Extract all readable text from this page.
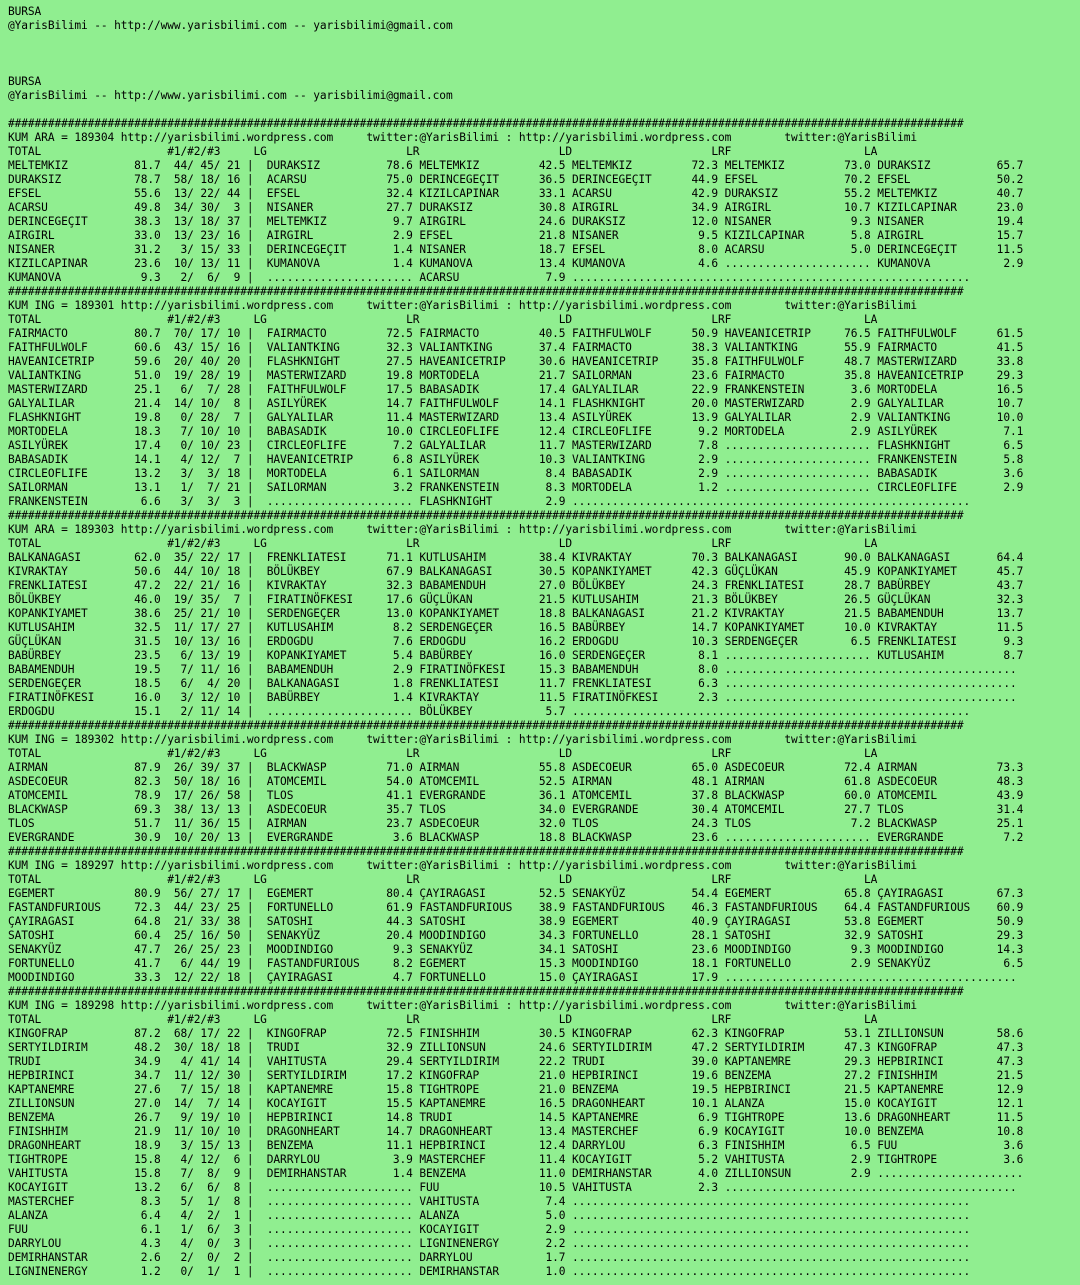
BURSA
@YarisBilimi -- http://www.yarisbilimi.com -- yarisbilimi@gmail.com
BURSA
@YarisBilimi -- http://www.yarisbilimi.com -- yarisbilimi@gmail.com
################################################################################################################################################
KUM ARA = 189304 http://yarisbilimi.wordpress.com     twitter:@YarisBilimi : http://yarisbilimi.wordpress.com        twitter:@YarisBilimi
TOTAL                   #1/#2/#3     LG                     LR                     LD                     LRF                    LA
MELTEMKIZ          81.7  44/ 45/ 21 |  DURAKSIZ          78.6 MELTEMKIZ         42.5 MELTEMKIZ         72.3 MELTEMKIZ         73.0 DURAKSIZ          65.7
DURAKSIZ           78.7  58/ 18/ 16 |  ACARSU            75.0 DERINCEGEÇIT      36.5 DERINCEGEÇIT      44.9 EFSEL             70.2 EFSEL             50.2
EFSEL              55.6  13/ 22/ 44 |  EFSEL             32.4 KIZILCAPINAR      33.1 ACARSU            42.9 DURAKSIZ          55.2 MELTEMKIZ         40.7
ACARSU             49.8  34/ 30/  3 |  NISANER           27.7 DURAKSIZ          30.8 AIRGIRL           34.9 AIRGIRL           10.7 KIZILCAPINAR      23.0
DERINCEGEÇIT       38.3  13/ 18/ 37 |  MELTEMKIZ          9.7 AIRGIRL           24.6 DURAKSIZ          12.0 NISANER            9.3 NISANER           19.4
AIRGIRL            33.0  13/ 23/ 16 |  AIRGIRL            2.9 EFSEL             21.8 NISANER            9.5 KIZILCAPINAR       5.8 AIRGIRL           15.7
NISANER            31.2   3/ 15/ 33 |  DERINCEGEÇIT       1.4 NISANER           18.7 EFSEL              8.0 ACARSU             5.0 DERINCEGEÇIT      11.5
KIZILCAPINAR       23.6  10/ 13/ 11 |  KUMANOVA           1.4 KUMANOVA          13.4 KUMANOVA           4.6 ...................... KUMANOVA           2.9
KUMANOVA            9.3   2/  6/  9 |  ...................... ACARSU             7.9 ............................................................
################################################################################################################################################
KUM ING = 189301 http://yarisbilimi.wordpress.com     twitter:@YarisBilimi : http://yarisbilimi.wordpress.com        twitter:@YarisBilimi
TOTAL                   #1/#2/#3     LG                     LR                     LD                     LRF                    LA
FAIRMACTO          80.7  70/ 17/ 10 |  FAIRMACTO         72.5 FAIRMACTO         40.5 FAITHFULWOLF      50.9 HAVEANICETRIP     76.5 FAITHFULWOLF      61.5
FAITHFULWOLF       60.6  43/ 15/ 16 |  VALIANTKING       32.3 VALIANTKING       37.4 FAIRMACTO         38.3 VALIANTKING       55.9 FAIRMACTO         41.5
HAVEANICETRIP      59.6  20/ 40/ 20 |  FLASHKNIGHT       27.5 HAVEANICETRIP     30.6 HAVEANICETRIP     35.8 FAITHFULWOLF      48.7 MASTERWIZARD      33.8
VALIANTKING        51.0  19/ 28/ 19 |  MASTERWIZARD      19.8 MORTODELA         21.7 SAILORMAN         23.6 FAIRMACTO         35.8 HAVEANICETRIP     29.3
MASTERWIZARD       25.1   6/  7/ 28 |  FAITHFULWOLF      17.5 BABASADIK         17.4 GALYALILAR        22.9 FRANKENSTEIN       3.6 MORTODELA         16.5
GALYALILAR         21.4  14/ 10/  8 |  ASILYÜREK         14.7 FAITHFULWOLF      14.1 FLASHKNIGHT       20.0 MASTERWIZARD       2.9 GALYALILAR        10.7
FLASHKNIGHT        19.8   0/ 28/  7 |  GALYALILAR        11.4 MASTERWIZARD      13.4 ASILYÜREK         13.9 GALYALILAR         2.9 VALIANTKING       10.0
MORTODELA          18.3   7/ 10/ 10 |  BABASADIK         10.0 CIRCLEOFLIFE      12.4 CIRCLEOFLIFE       9.2 MORTODELA          2.9 ASILYÜREK          7.1
ASILYÜREK          17.4   0/ 10/ 23 |  CIRCLEOFLIFE       7.2 GALYALILAR        11.7 MASTERWIZARD       7.8 ...................... FLASHKNIGHT        6.5
BABASADIK          14.1   4/ 12/  7 |  HAVEANICETRIP      6.8 ASILYÜREK         10.3 VALIANTKING        2.9 ...................... FRANKENSTEIN       5.8
CIRCLEOFLIFE       13.2   3/  3/ 18 |  MORTODELA          6.1 SAILORMAN          8.4 BABASADIK          2.9 ...................... BABASADIK          3.6
SAILORMAN          13.1   1/  7/ 21 |  SAILORMAN          3.2 FRANKENSTEIN       8.3 MORTODELA          1.2 ...................... CIRCLEOFLIFE       2.9
FRANKENSTEIN        6.6   3/  3/  3 |  ...................... FLASHKNIGHT        2.9 ............................................................
################################################################################################################################################
KUM ARA = 189303 http://yarisbilimi.wordpress.com     twitter:@YarisBilimi : http://yarisbilimi.wordpress.com        twitter:@YarisBilimi
TOTAL                   #1/#2/#3     LG                     LR                     LD                     LRF                    LA
BALKANAGASI        62.0  35/ 22/ 17 |  FRENKLIATESI      71.1 KUTLUSAHIM        38.4 KIVRAKTAY         70.3 BALKANAGASI       90.0 BALKANAGASI       64.4
KIVRAKTAY          50.6  44/ 10/ 18 |  BÖLÜKBEY          67.9 BALKANAGASI       30.5 KOPANKIYAMET      42.3 GÜÇLÜKAN          45.9 KOPANKIYAMET      45.7
FRENKLIATESI       47.2  22/ 21/ 16 |  KIVRAKTAY         32.3 BABAMENDUH        27.0 BÖLÜKBEY          24.3 FRENKLIATESI      28.7 BABÜRBEY          43.7
BÖLÜKBEY           46.0  19/ 35/  7 |  FIRATINÖFKESI     17.6 GÜÇLÜKAN          21.5 KUTLUSAHIM        21.3 BÖLÜKBEY          26.5 GÜÇLÜKAN          32.3
KOPANKIYAMET       38.6  25/ 21/ 10 |  SERDENGEÇER       13.0 KOPANKIYAMET      18.8 BALKANAGASI       21.2 KIVRAKTAY         21.5 BABAMENDUH        13.7
KUTLUSAHIM         32.5  11/ 17/ 27 |  KUTLUSAHIM         8.2 SERDENGEÇER       16.5 BABÜRBEY          14.7 KOPANKIYAMET      10.0 KIVRAKTAY         11.5
GÜÇLÜKAN           31.5  10/ 13/ 16 |  ERDOGDU            7.6 ERDOGDU           16.2 ERDOGDU           10.3 SERDENGEÇER        6.5 FRENKLIATESI       9.3
BABÜRBEY           23.5   6/ 13/ 19 |  KOPANKIYAMET       5.4 BABÜRBEY          16.0 SERDENGEÇER        8.1 ...................... KUTLUSAHIM         8.7
BABAMENDUH         19.5   7/ 11/ 16 |  BABAMENDUH         2.9 FIRATINÖFKESI     15.3 BABAMENDUH         8.0 ............................................
SERDENGEÇER        18.5   6/  4/ 20 |  BALKANAGASI        1.8 FRENKLIATESI      11.7 FRENKLIATESI       6.3 ............................................
FIRATINÖFKESI      16.0   3/ 12/ 10 |  BABÜRBEY           1.4 KIVRAKTAY         11.5 FIRATINÖFKESI      2.3 ............................................
ERDOGDU            15.1   2/ 11/ 14 |  ...................... BÖLÜKBEY           5.7 ............................................................
################################################################################################################################################
KUM ING = 189302 http://yarisbilimi.wordpress.com     twitter:@YarisBilimi : http://yarisbilimi.wordpress.com        twitter:@YarisBilimi
TOTAL                   #1/#2/#3     LG                     LR                     LD                     LRF                    LA
AIRMAN             87.9  26/ 39/ 37 |  BLACKWASP         71.0 AIRMAN            55.8 ASDECOEUR         65.0 ASDECOEUR         72.4 AIRMAN            73.3
ASDECOEUR          82.3  50/ 18/ 16 |  ATOMCEMIL         54.0 ATOMCEMIL         52.5 AIRMAN            48.1 AIRMAN            61.8 ASDECOEUR         48.3
ATOMCEMIL          78.9  17/ 26/ 58 |  TLOS              41.1 EVERGRANDE        36.1 ATOMCEMIL         37.8 BLACKWASP         60.0 ATOMCEMIL         43.9
BLACKWASP          69.3  38/ 13/ 13 |  ASDECOEUR         35.7 TLOS              34.0 EVERGRANDE        30.4 ATOMCEMIL         27.7 TLOS              31.4
TLOS               51.7  11/ 36/ 15 |  AIRMAN            23.7 ASDECOEUR         32.0 TLOS              24.3 TLOS               7.2 BLACKWASP         25.1
EVERGRANDE         30.9  10/ 20/ 13 |  EVERGRANDE         3.6 BLACKWASP         18.8 BLACKWASP         23.6 ...................... EVERGRANDE         7.2
################################################################################################################################################
KUM ING = 189297 http://yarisbilimi.wordpress.com     twitter:@YarisBilimi : http://yarisbilimi.wordpress.com        twitter:@YarisBilimi
TOTAL                   #1/#2/#3     LG                     LR                     LD                     LRF                    LA
EGEMERT            80.9  56/ 27/ 17 |  EGEMERT           80.4 ÇAYIRAGASI        52.5 SENAKYÜZ          54.4 EGEMERT           65.8 ÇAYIRAGASI        67.3
FASTANDFURIOUS     72.3  44/ 23/ 25 |  FORTUNELLO        61.9 FASTANDFURIOUS    38.9 FASTANDFURIOUS    46.3 FASTANDFURIOUS    64.4 FASTANDFURIOUS    60.9
ÇAYIRAGASI         64.8  21/ 33/ 38 |  SATOSHI           44.3 SATOSHI           38.9 EGEMERT           40.9 ÇAYIRAGASI        53.8 EGEMERT           50.9
SATOSHI            60.4  25/ 16/ 50 |  SENAKYÜZ          20.4 MOODINDIGO        34.3 FORTUNELLO        28.1 SATOSHI           32.9 SATOSHI           29.3
SENAKYÜZ           47.7  26/ 25/ 23 |  MOODINDIGO         9.3 SENAKYÜZ          34.1 SATOSHI           23.6 MOODINDIGO         9.3 MOODINDIGO        14.3
FORTUNELLO         41.7   6/ 44/ 19 |  FASTANDFURIOUS     8.2 EGEMERT           15.3 MOODINDIGO        18.1 FORTUNELLO         2.9 SENAKYÜZ           6.5
MOODINDIGO         33.3  12/ 22/ 18 |  ÇAYIRAGASI         4.7 FORTUNELLO        15.0 ÇAYIRAGASI        17.9 ............................................
################################################################################################################################################
KUM ING = 189298 http://yarisbilimi.wordpress.com     twitter:@YarisBilimi : http://yarisbilimi.wordpress.com        twitter:@YarisBilimi
TOTAL                   #1/#2/#3     LG                     LR                     LD                     LRF                    LA
KINGOFRAP          87.2  68/ 17/ 22 |  KINGOFRAP         72.5 FINISHHIM         30.5 KINGOFRAP         62.3 KINGOFRAP         53.1 ZILLIONSUN        58.6
SERTYILDIRIM       48.2  30/ 18/ 18 |  TRUDI             32.9 ZILLIONSUN        24.6 SERTYILDIRIM      47.2 SERTYILDIRIM      47.3 KINGOFRAP         47.3
TRUDI              34.9   4/ 41/ 14 |  VAHITUSTA         29.4 SERTYILDIRIM      22.2 TRUDI             39.0 KAPTANEMRE        29.3 HEPBIRINCI        47.3
HEPBIRINCI         34.7  11/ 12/ 30 |  SERTYILDIRIM      17.2 KINGOFRAP         21.0 HEPBIRINCI        19.6 BENZEMA           27.2 FINISHHIM         21.5
KAPTANEMRE         27.6   7/ 15/ 18 |  KAPTANEMRE        15.8 TIGHTROPE         21.0 BENZEMA           19.5 HEPBIRINCI        21.5 KAPTANEMRE        12.9
ZILLIONSUN         27.0  14/  7/ 14 |  KOCAYIGIT         15.5 KAPTANEMRE        16.5 DRAGONHEART       10.1 ALANZA            15.0 KOCAYIGIT         12.1
BENZEMA            26.7   9/ 19/ 10 |  HEPBIRINCI        14.8 TRUDI             14.5 KAPTANEMRE         6.9 TIGHTROPE         13.6 DRAGONHEART       11.5
FINISHHIM          21.9  11/ 10/ 10 |  DRAGONHEART       14.7 DRAGONHEART       13.4 MASTERCHEF         6.9 KOCAYIGIT         10.0 BENZEMA           10.8
DRAGONHEART        18.9   3/ 15/ 13 |  BENZEMA           11.1 HEPBIRINCI        12.4 DARRYLOU           6.3 FINISHHIM          6.5 FUU                3.6
TIGHTROPE          15.8   4/ 12/  6 |  DARRYLOU           3.9 MASTERCHEF        11.4 KOCAYIGIT          5.2 VAHITUSTA          2.9 TIGHTROPE          3.6
VAHITUSTA          15.8   7/  8/  9 |  DEMIRHANSTAR       1.4 BENZEMA           11.0 DEMIRHANSTAR       4.0 ZILLIONSUN         2.9 ......................
KOCAYIGIT          13.2   6/  6/  8 |  ...................... FUU               10.5 VAHITUSTA          2.3 ............................................
MASTERCHEF          8.3   5/  1/  8 |  ...................... VAHITUSTA          7.4 ............................................................
ALANZA              6.4   4/  2/  1 |  ...................... ALANZA             5.0 ............................................................
FUU                 6.1   1/  6/  3 |  ...................... KOCAYIGIT          2.9 ............................................................
DARRYLOU            4.3   4/  0/  3 |  ...................... LIGNINENERGY       2.2 ............................................................
DEMIRHANSTAR        2.6   2/  0/  2 |  ...................... DARRYLOU           1.7 ............................................................
LIGNINENERGY        1.2   0/  1/  1 |  ...................... DEMIRHANSTAR       1.0 ............................................................
